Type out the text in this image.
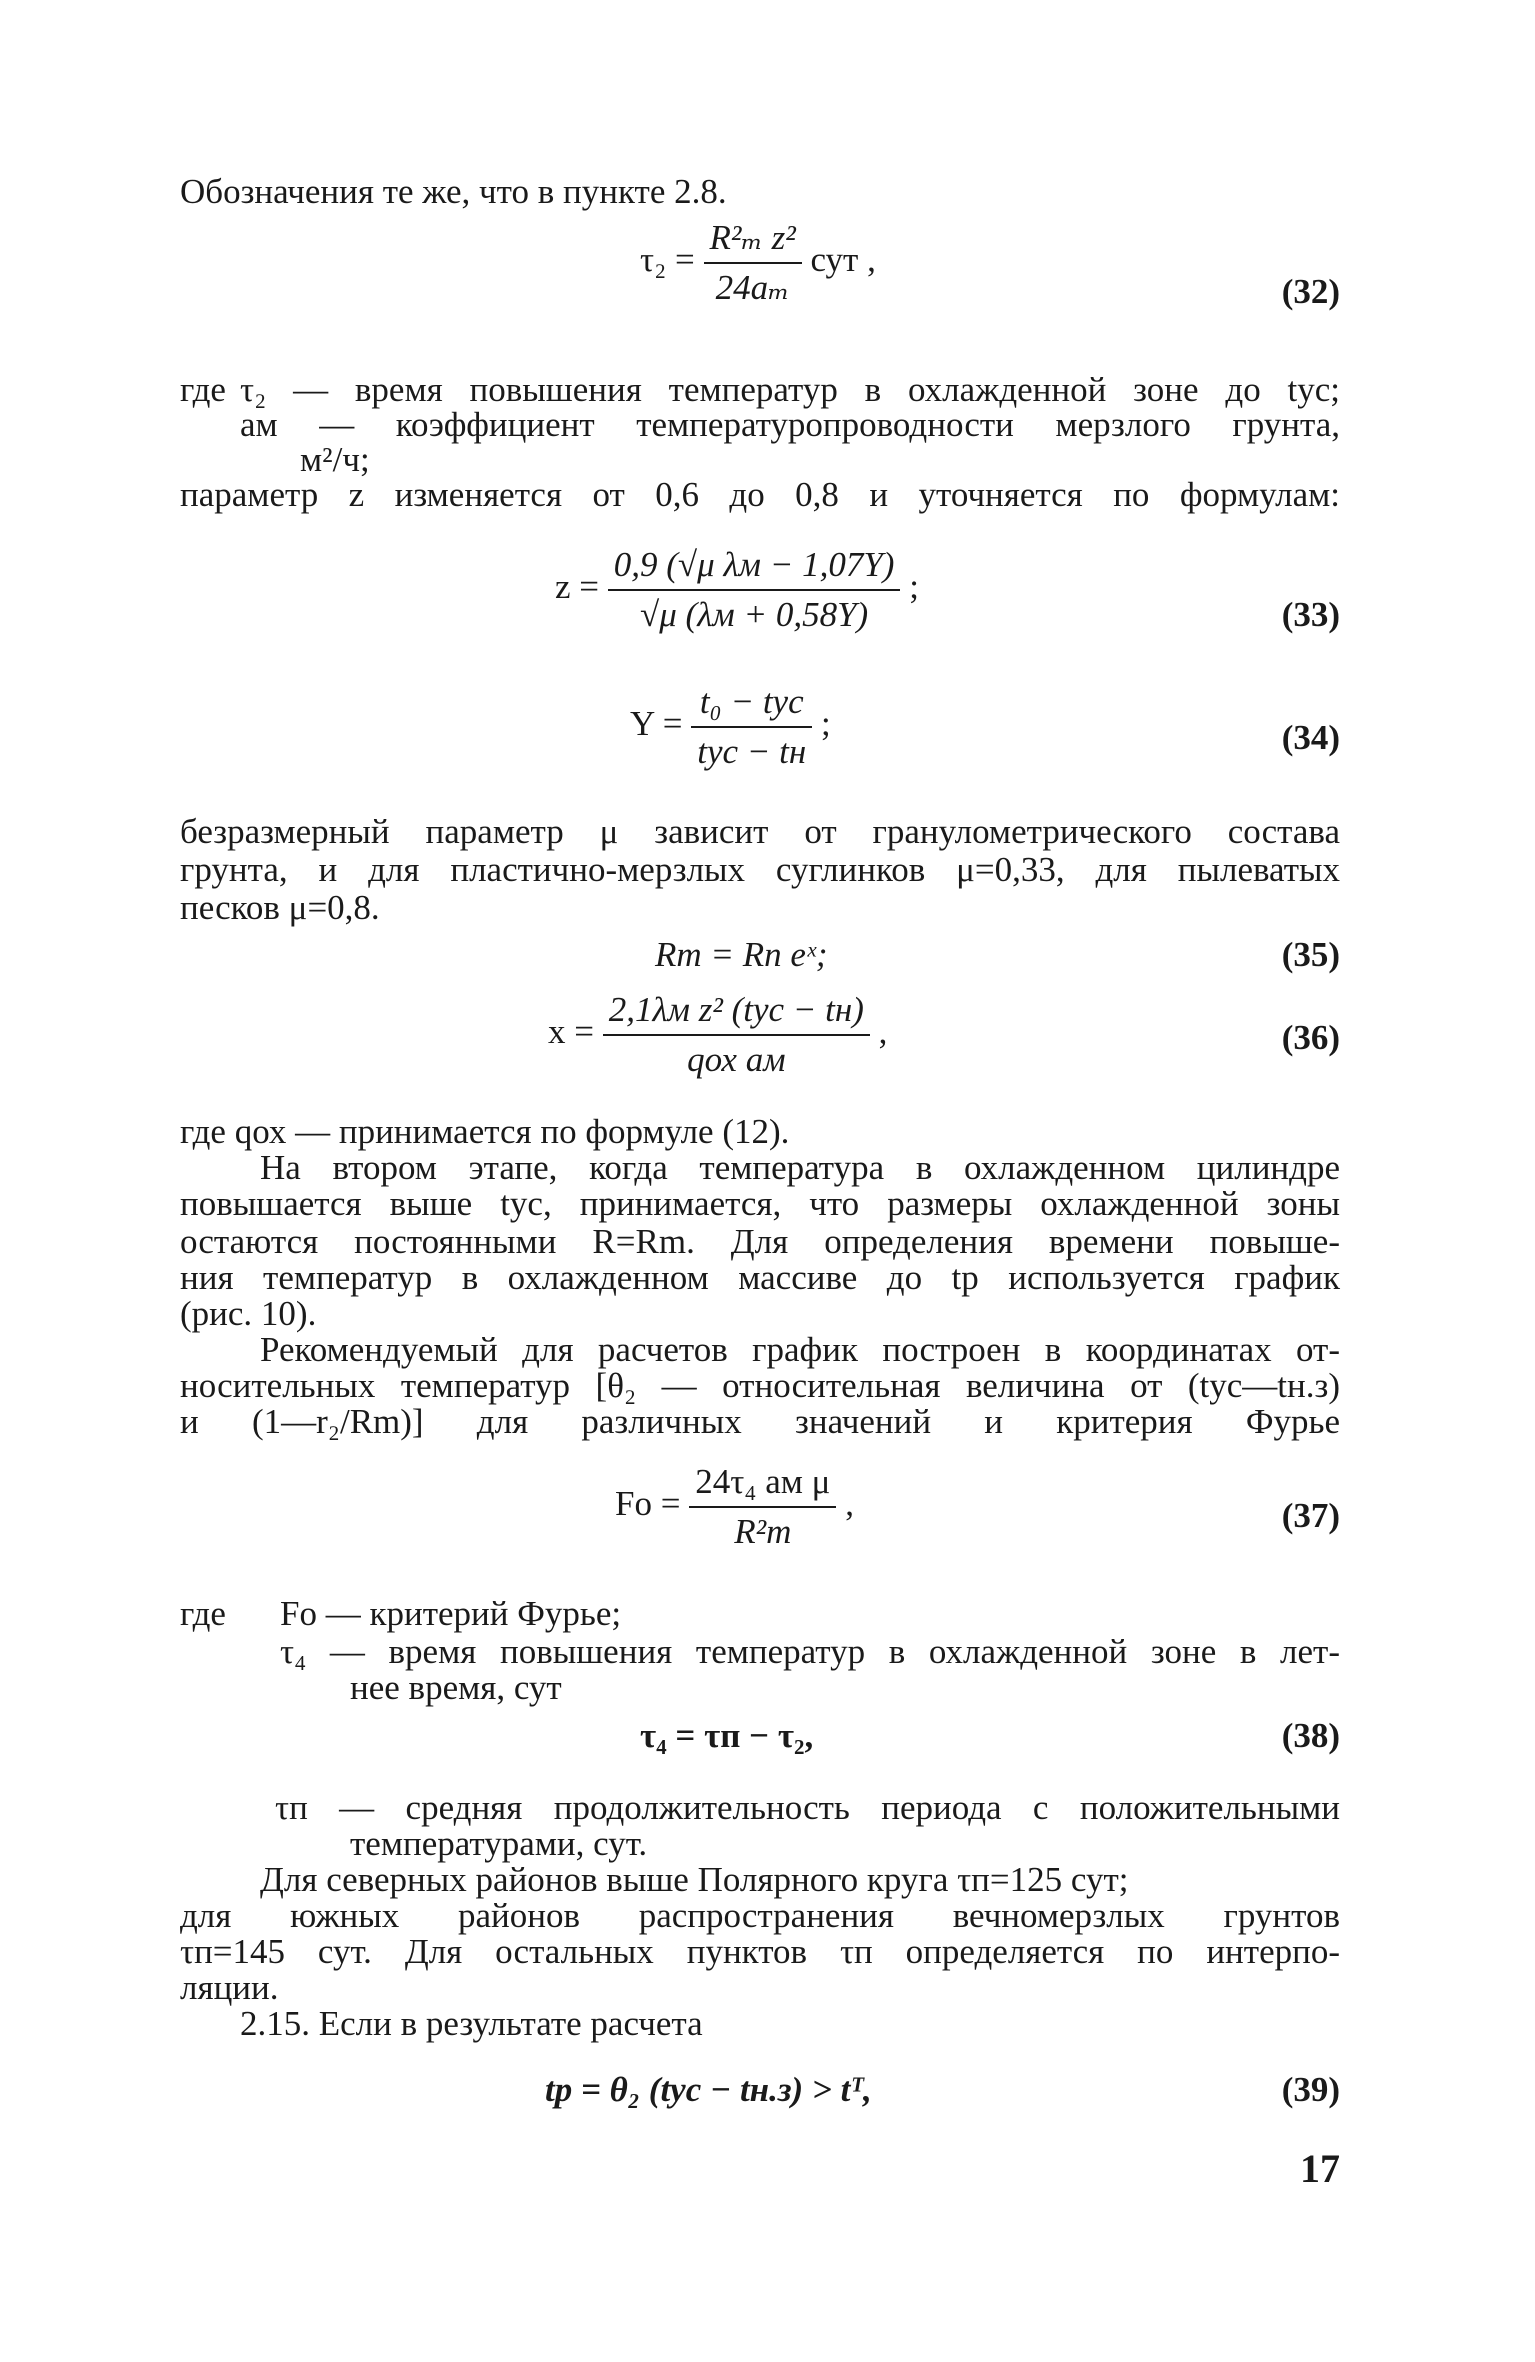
Обозначения те же, что в пункте 2.8.
$\tau_2 = \frac{\text{R²ₘ z²}}{\text{24aₘ}}$ сут ,
(32)
где τ₂ — время повышения температур в охлажденной зоне до tус;
aм — коэффициент температуропроводности мерзлого грунта,
м²/ч;
параметр z изменяется от 0,6 до 0,8 и уточняется по формулам:
$z = \frac{\text{0,9 (√μ λм − 1,07Y)}}{√\mu (\lambda м + 0,58Y)}$ ;
(33)
$Y = \frac{\text{t₀ − tус}}{\text{tус − tн}}$ ;	(34)
безразмерный параметр μ зависит от гранулометрического состава
грунта, и для пластично-мерзлых суглинков μ=0,33, для пылеватых
песков μ=0,8.
Rm = Rn eˣ;	(35)
$x = \frac{\text{2,1λм z² (tус − tн)}}{\text{qох aм}}$ ,	(36)
где qох — принимается по формуле (12).
На втором этапе, когда температура в охлажденном цилиндре
повышается выше tус, принимается, что размеры охлажденной зоны
остаются постоянными R=Rm. Для определения времени повыше-
ния температур в охлажденном массиве до tр используется график
(рис. 10).
Рекомендуемый для расчетов график построен в координатах от-
носительных температур [θ₂ — относительная величина от (tус—tн.з)
и (1—r₂/Rm)] для различных значений и критерия Фурье
$Fo = \frac{\text{24τ₄ aм μ}}{\text{R²m}}$ ,	(37)
где Fo — критерий Фурье;
τ₄ — время повышения температур в охлажденной зоне в лет-
нее время, сут
τ₄ = τп − τ₂,	(38)
τп — средняя продолжительность периода с положительными
температурами, сут.
Для северных районов выше Полярного круга τп=125 сут;
для южных районов распространения вечномерзлых грунтов
τп=145 сут. Для остальных пунктов τп определяется по интерпо-
ляции.
2.15. Если в результате расчета
tр = θ₂ (tус − tн.з) > tᵀ,	(39)
17
